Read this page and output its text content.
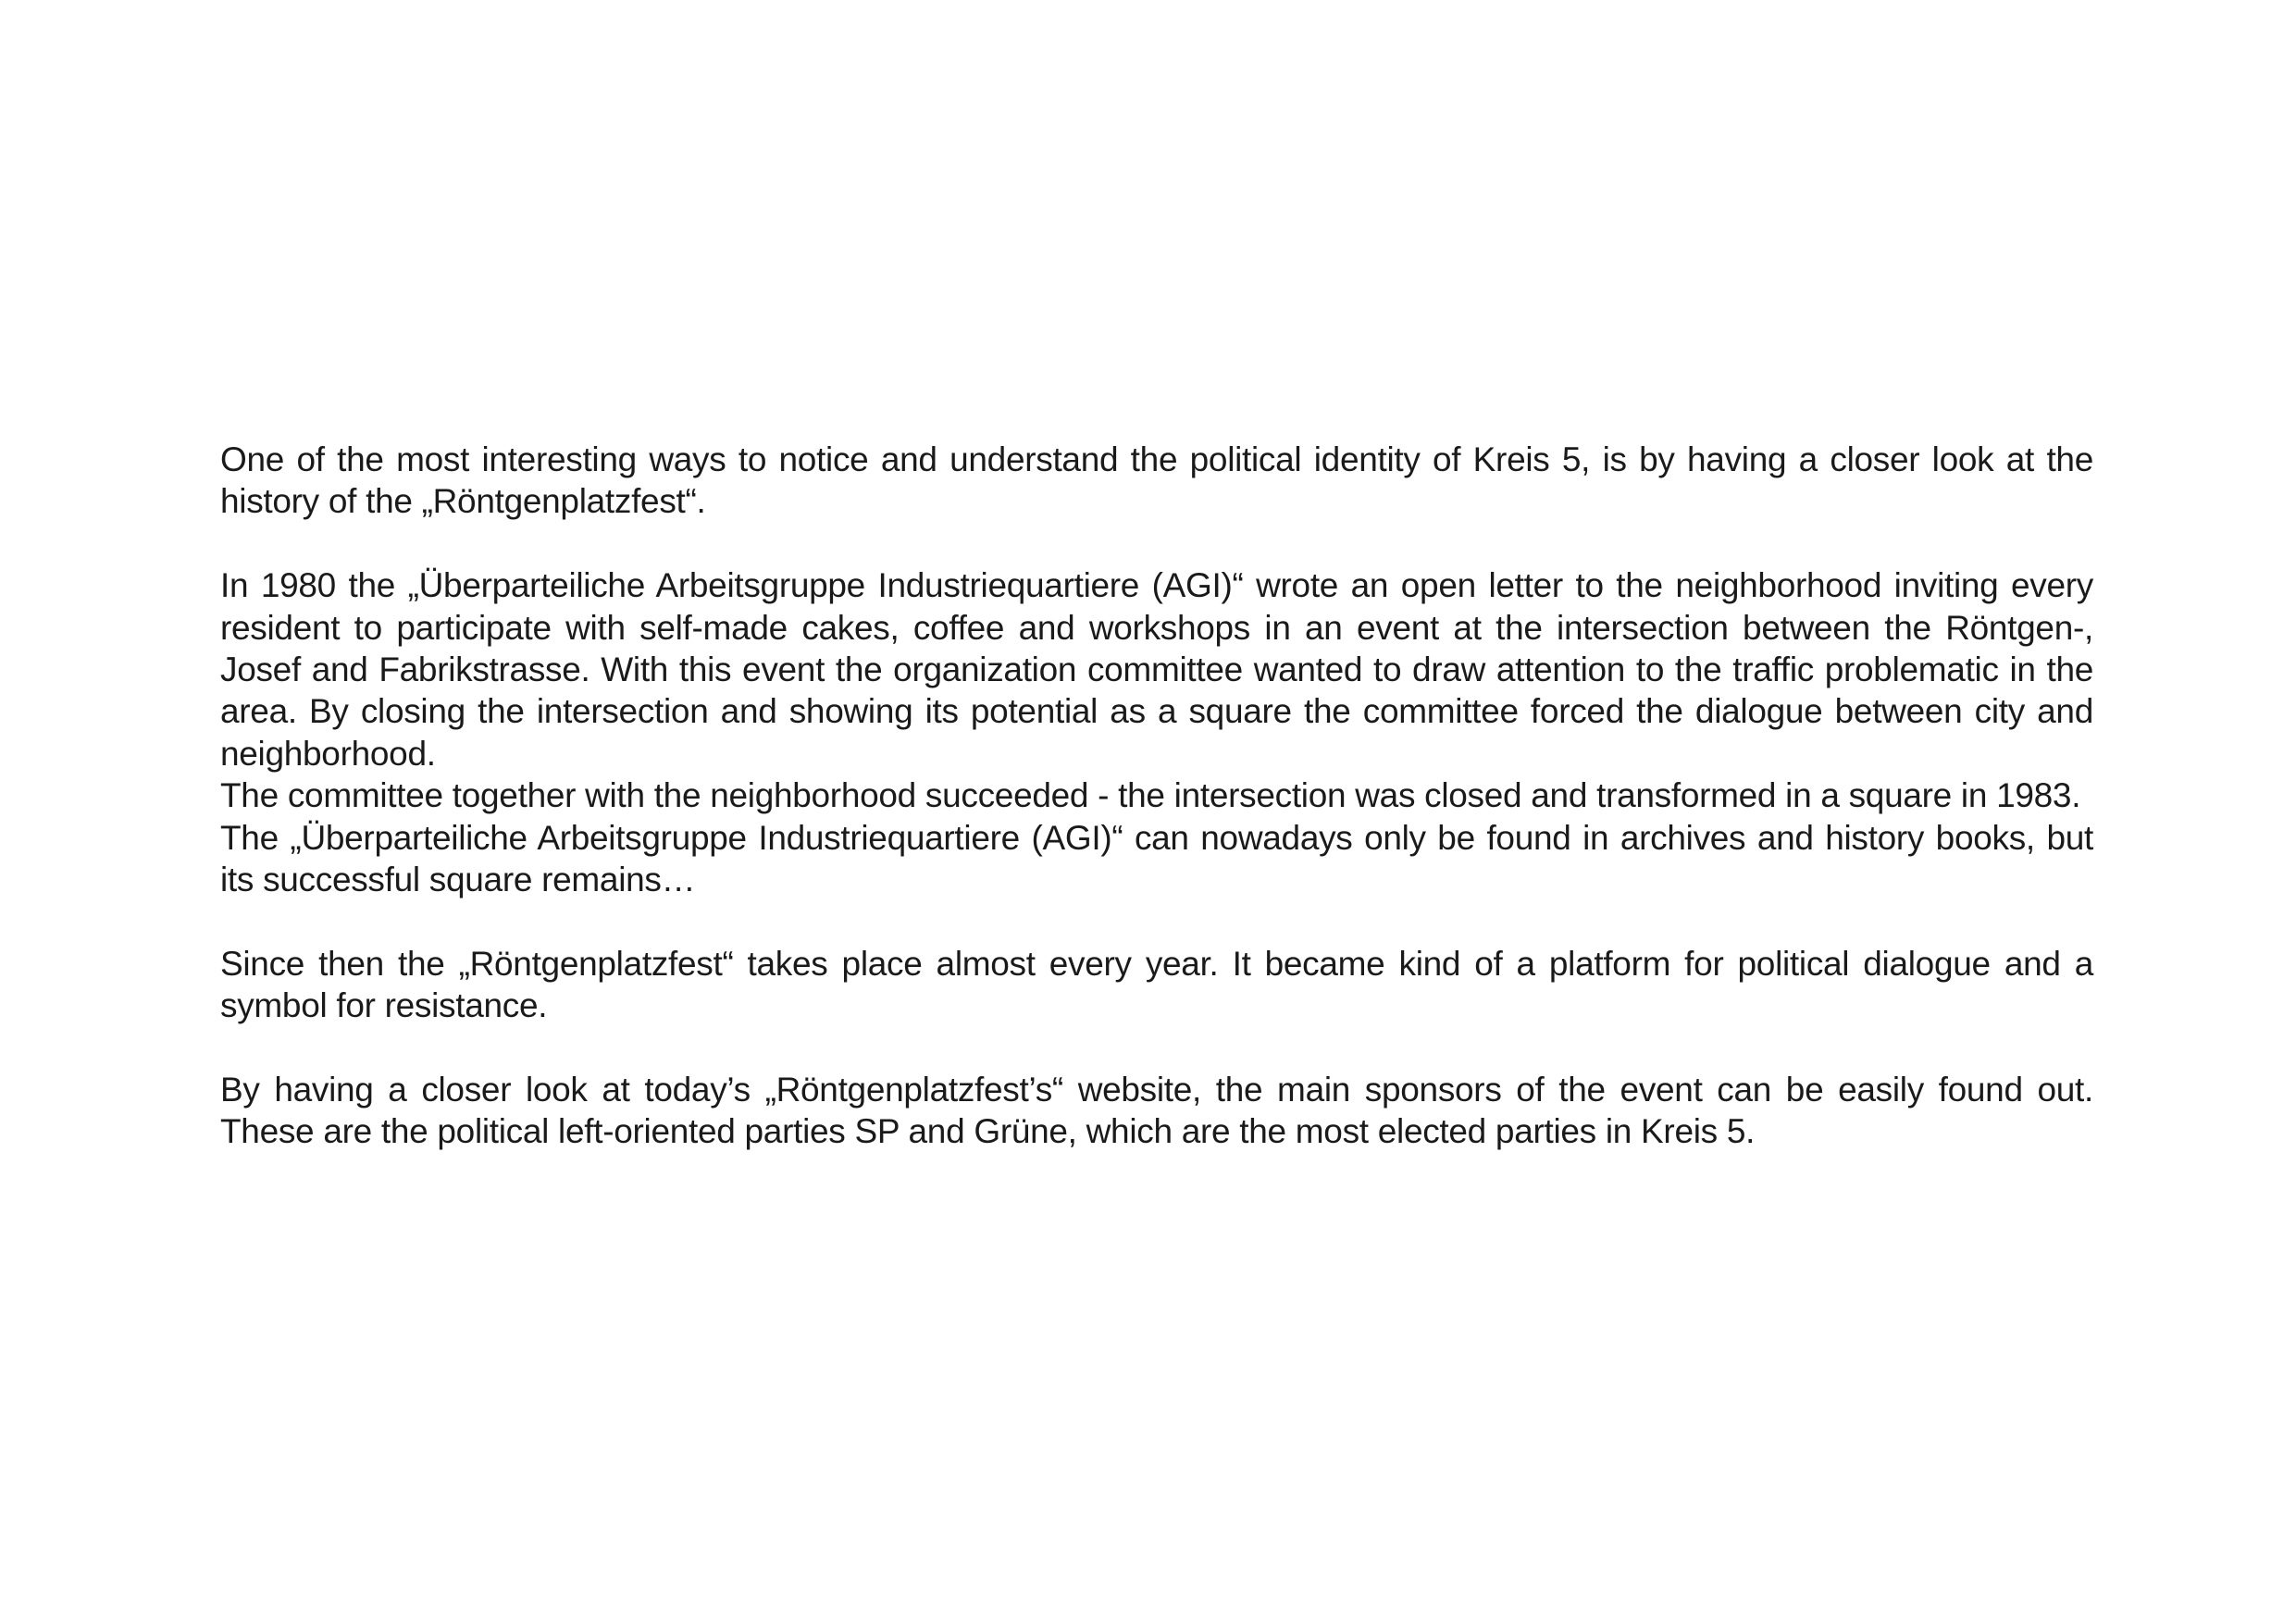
One of the most interesting ways to notice and understand the political identity of Kreis 5, is by having a closer look at the history of the „Röntgenplatzfest“.

In 1980 the „Überparteiliche Arbeitsgruppe Industriequartiere (AGI)“ wrote an open letter to the neighborhood inviting every resident to participate with self-made cakes, coffee and workshops in an event at the intersection between the Röntgen-, Josef and Fabrikstrasse. With this event the organization committee wanted to draw attention to the traffic problematic in the area. By closing the intersection and showing its potential as a square the committee forced the dialogue between city and neighborhood.

The committee together with the neighborhood succeeded - the intersection was closed and transformed in a square in 1983.

The „Überparteiliche Arbeitsgruppe Industriequartiere (AGI)“ can nowadays only be found in archives and history books, but its successful square remains…

Since then the „Röntgenplatzfest“ takes place almost every year. It became kind of a platform for political dialogue and a symbol for resistance.

By having a closer look at today’s „Röntgenplatzfest’s“ website, the main sponsors of the event can be easily found out. These are the political left-oriented parties SP and Grüne, which are the most elected parties in Kreis 5.
